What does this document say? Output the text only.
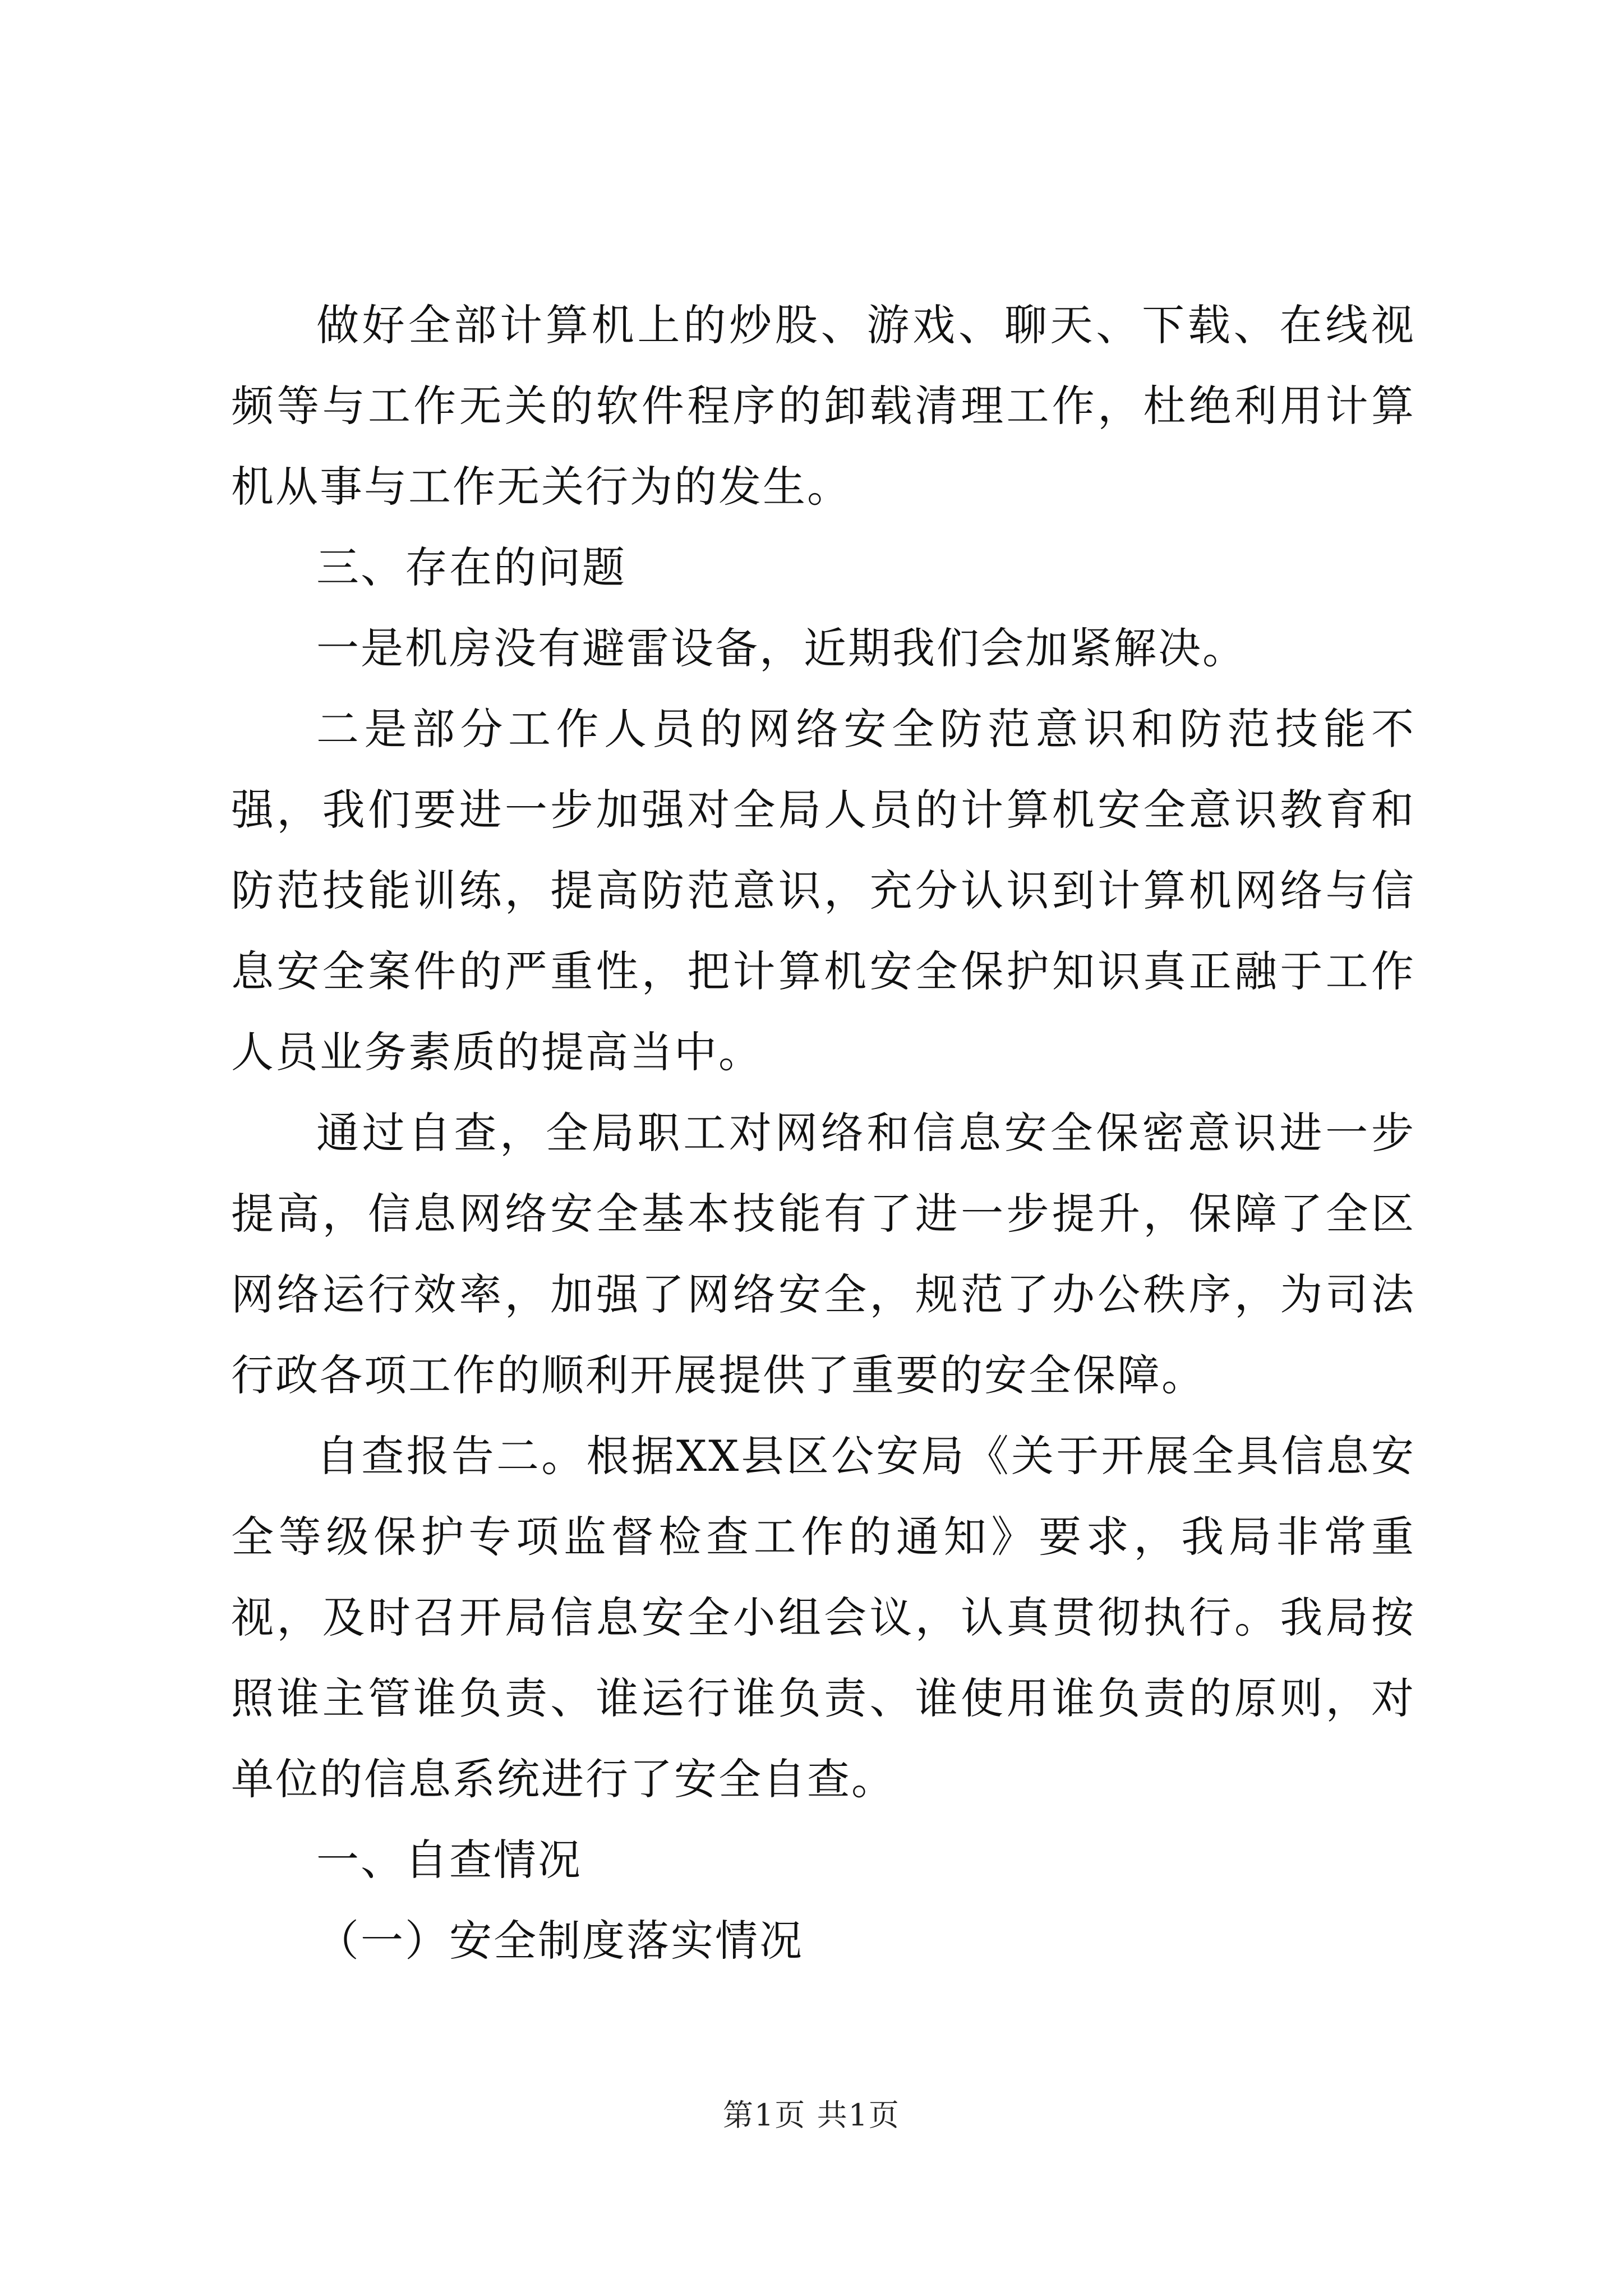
做好全部计算机上的炒股、游戏、聊天、下载、在线视频等与工作无关的软件程序的卸载清理工作，杜绝利用计算机从事与工作无关行为的发生。

三、存在的问题

一是机房没有避雷设备，近期我们会加紧解决。

二是部分工作人员的网络安全防范意识和防范技能不强，我们要进一步加强对全局人员的计算机安全意识教育和防范技能训练，提高防范意识，充分认识到计算机网络与信息安全案件的严重性，把计算机安全保护知识真正融于工作人员业务素质的提高当中。

通过自查，全局职工对网络和信息安全保密意识进一步提高，信息网络安全基本技能有了进一步提升，保障了全区网络运行效率，加强了网络安全，规范了办公秩序，为司法行政各项工作的顺利开展提供了重要的安全保障。

自查报告二。根据XX县区公安局《关于开展全具信息安全等级保护专项监督检查工作的通知》要求，我局非常重视，及时召开局信息安全小组会议，认真贯彻执行。我局按照谁主管谁负责、谁运行谁负责、谁使用谁负责的原则，对单位的信息系统进行了安全自查。

一、自查情况

（一）安全制度落实情况

第1页 共1页
